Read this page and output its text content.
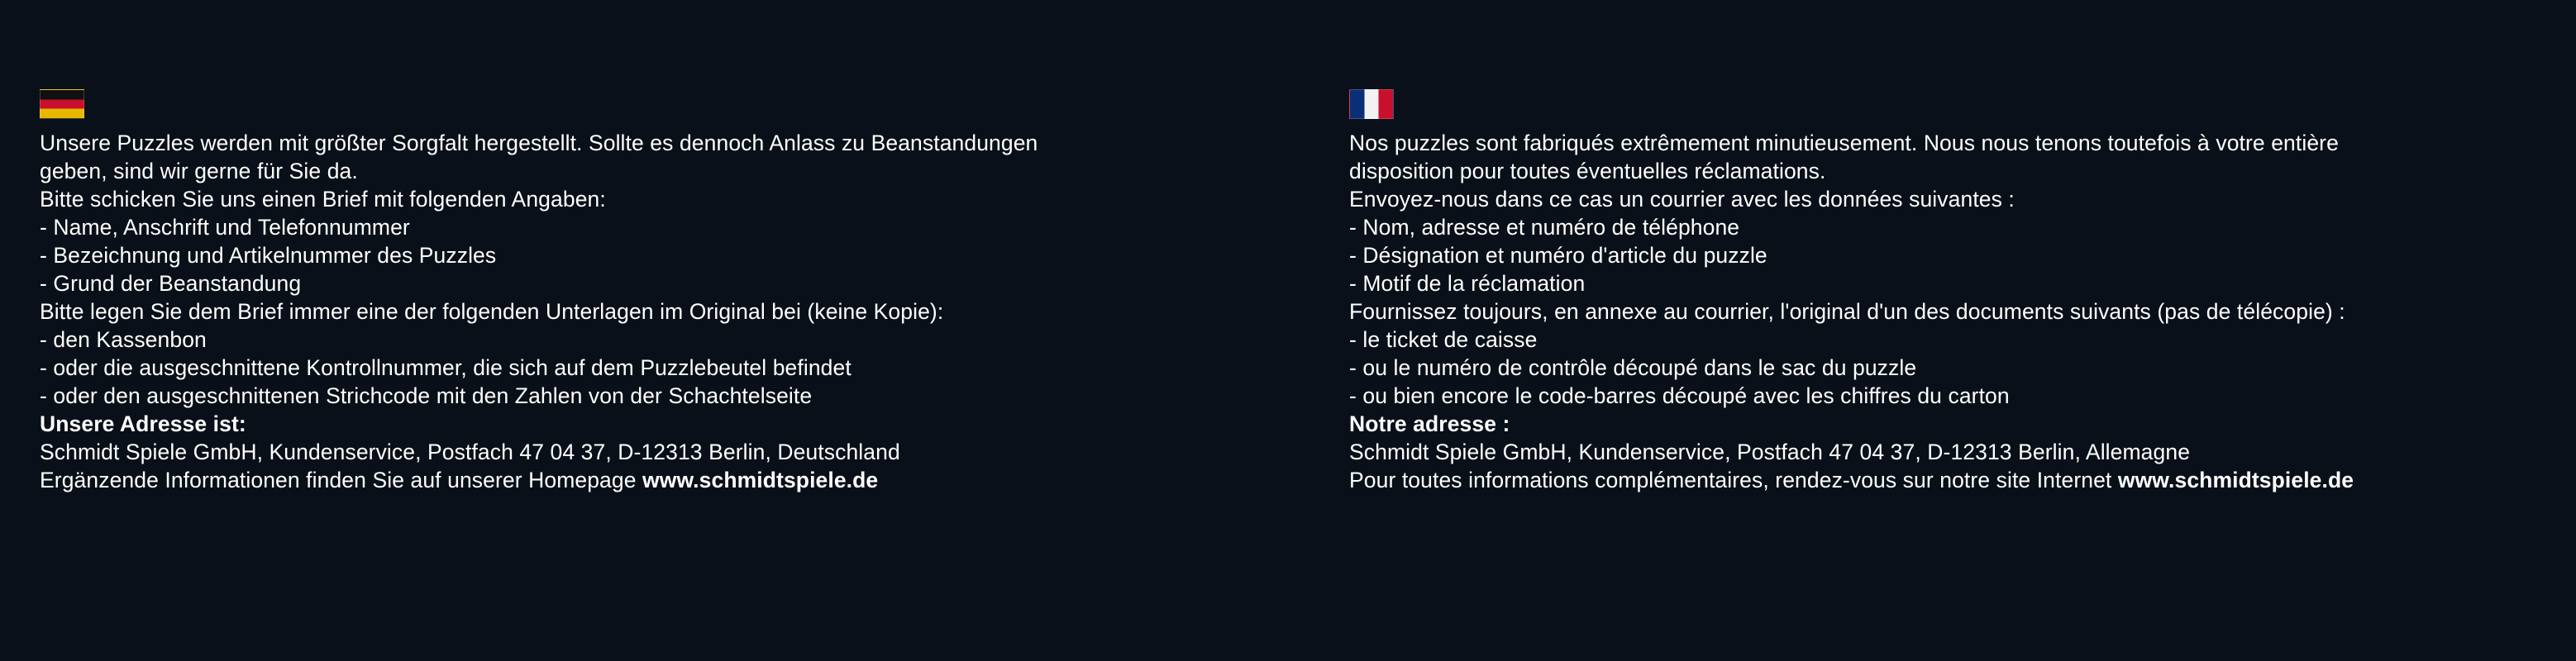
Unsere Puzzles werden mit größter Sorgfalt hergestellt. Sollte es dennoch Anlass zu Beanstandungen
geben, sind wir gerne für Sie da.
Bitte schicken Sie uns einen Brief mit folgenden Angaben:
- Name, Anschrift und Telefonnummer
- Bezeichnung und Artikelnummer des Puzzles
- Grund der Beanstandung
Bitte legen Sie dem Brief immer eine der folgenden Unterlagen im Original bei (keine Kopie):
- den Kassenbon
- oder die ausgeschnittene Kontrollnummer, die sich auf dem Puzzlebeutel befindet
- oder den ausgeschnittenen Strichcode mit den Zahlen von der Schachtelseite
Unsere Adresse ist:
Schmidt Spiele GmbH, Kundenservice, Postfach 47 04 37, D-12313 Berlin, Deutschland
Ergänzende Informationen finden Sie auf unserer Homepage www.schmidtspiele.de
Nos puzzles sont fabriqués extrêmement minutieusement. Nous nous tenons toutefois à votre entière
disposition pour toutes éventuelles réclamations.
Envoyez-nous dans ce cas un courrier avec les données suivantes :
- Nom, adresse et numéro de téléphone
- Désignation et numéro d'article du puzzle
- Motif de la réclamation
Fournissez toujours, en annexe au courrier, l'original d'un des documents suivants (pas de télécopie) :
- le ticket de caisse
- ou le numéro de contrôle découpé dans le sac du puzzle
- ou bien encore le code-barres découpé avec les chiffres du carton
Notre adresse :
Schmidt Spiele GmbH, Kundenservice, Postfach 47 04 37, D-12313 Berlin, Allemagne
Pour toutes informations complémentaires, rendez-vous sur notre site Internet www.schmidtspiele.de
